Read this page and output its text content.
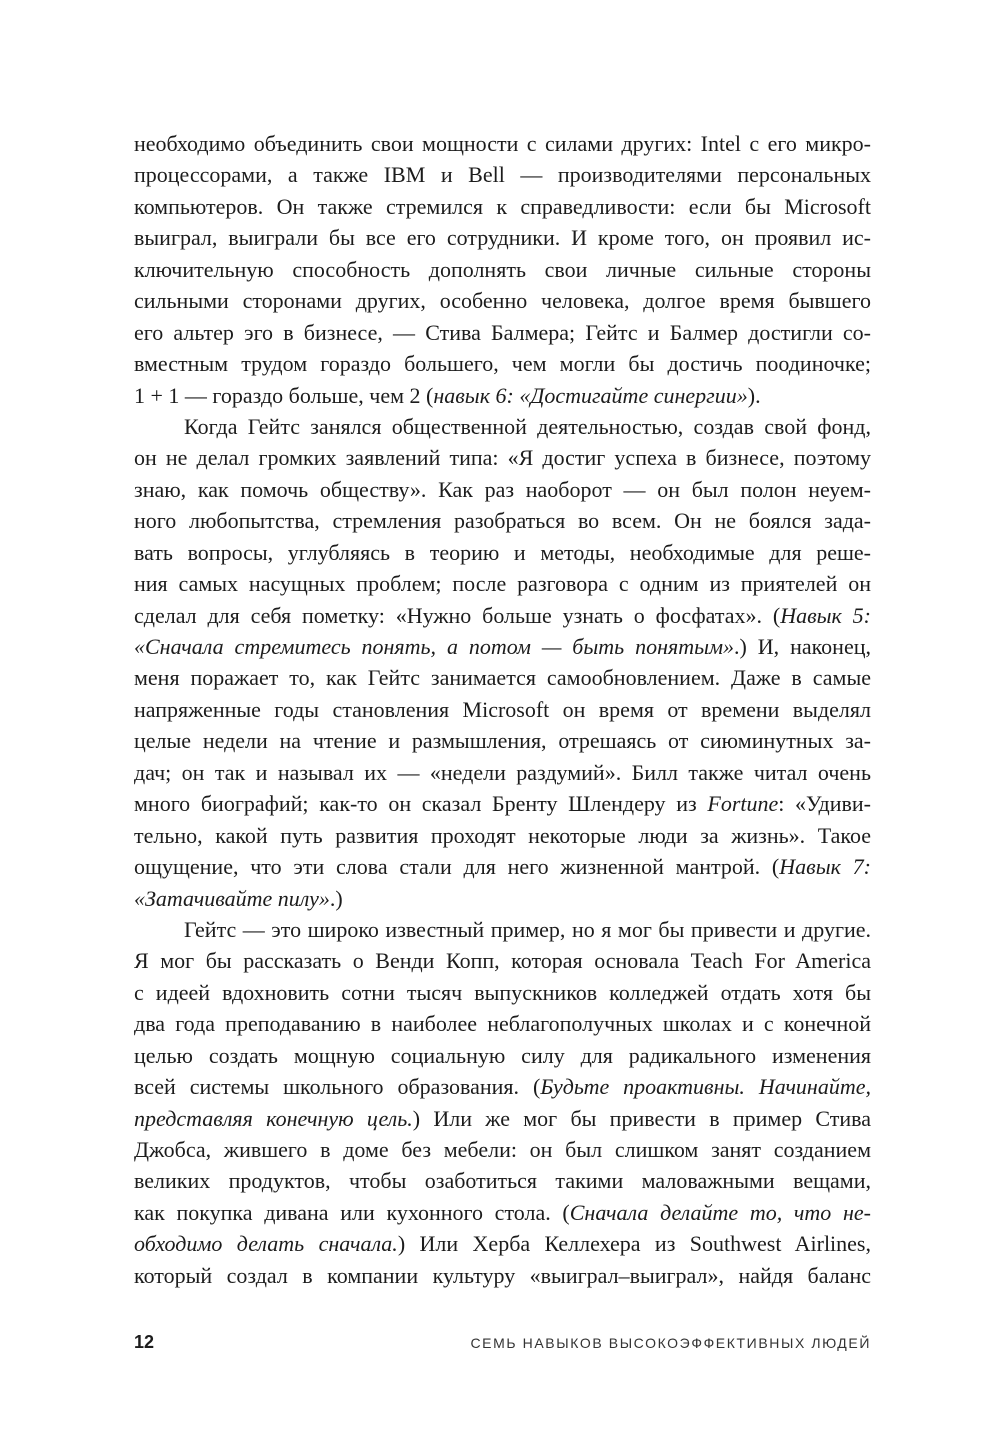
необходимо объединить свои мощности с силами других: Intel с его микро-
процессорами, а также IBM и Bell — производителями персональных
компьютеров. Он также стремился к справедливости: если бы Microsoft
выиграл, выиграли бы все его сотрудники. И кроме того, он проявил ис-
ключительную способность дополнять свои личные сильные стороны
сильными сторонами других, особенно человека, долгое время бывшего
его альтер эго в бизнесе, — Стива Балмера; Гейтс и Балмер достигли со-
вместным трудом гораздо большего, чем могли бы достичь поодиночке;
1 + 1 — гораздо больше, чем 2 (навык 6: «Достигайте синергии»).
Когда Гейтс занялся общественной деятельностью, создав свой фонд,
он не делал громких заявлений типа: «Я достиг успеха в бизнесе, поэтому
знаю, как помочь обществу». Как раз наоборот — он был полон неуем-
ного любопытства, стремления разобраться во всем. Он не боялся зада-
вать вопросы, углубляясь в теорию и методы, необходимые для реше-
ния самых насущных проблем; после разговора с одним из приятелей он
сделал для себя пометку: «Нужно больше узнать о фосфатах». (Навык 5:
«Сначала стремитесь понять, а потом — быть понятым».) И, наконец,
меня поражает то, как Гейтс занимается самообновлением. Даже в самые
напряженные годы становления Microsoft он время от времени выделял
целые недели на чтение и размышления, отрешаясь от сиюминутных за-
дач; он так и называл их — «недели раздумий». Билл также читал очень
много биографий; как-то он сказал Бренту Шлендеру из Fortune: «Удиви-
тельно, какой путь развития проходят некоторые люди за жизнь». Такое
ощущение, что эти слова стали для него жизненной мантрой. (Навык 7:
«Затачивайте пилу».)
Гейтс — это широко известный пример, но я мог бы привести и другие.
Я мог бы рассказать о Венди Копп, которая основала Teach For America
с идеей вдохновить сотни тысяч выпускников колледжей отдать хотя бы
два года преподаванию в наиболее неблагополучных школах и с конечной
целью создать мощную социальную силу для радикального изменения
всей системы школьного образования. (Будьте проактивны. Начинайте,
представляя конечную цель.) Или же мог бы привести в пример Стива
Джобса, жившего в доме без мебели: он был слишком занят созданием
великих продуктов, чтобы озаботиться такими маловажными вещами,
как покупка дивана или кухонного стола. (Сначала делайте то, что не-
обходимо делать сначала.) Или Херба Келлехера из Southwest Airlines,
который создал в компании культуру «выиграл–выиграл», найдя баланс
12	СЕМЬ НАВЫКОВ ВЫСОКОЭФФЕКТИВНЫХ ЛЮДЕЙ
